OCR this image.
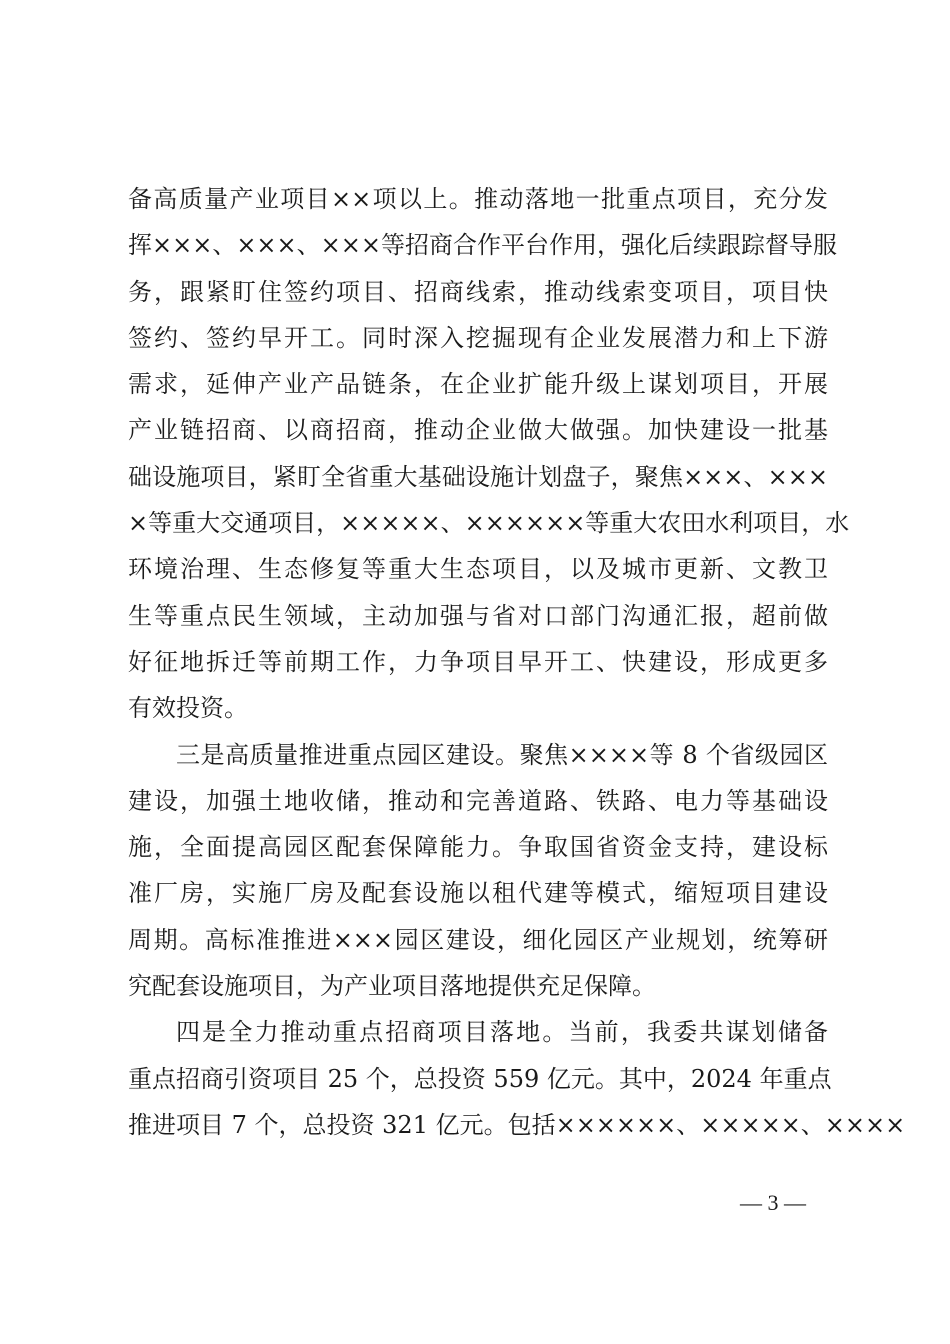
备高质量产业项目××项以上。推动落地一批重点项目，充分发
挥×××、×××、×××等招商合作平台作用，强化后续跟踪督导服
务，跟紧盯住签约项目、招商线索，推动线索变项目，项目快
签约、签约早开工。同时深入挖掘现有企业发展潜力和上下游
需求，延伸产业产品链条，在企业扩能升级上谋划项目，开展
产业链招商、以商招商，推动企业做大做强。加快建设一批基
础设施项目，紧盯全省重大基础设施计划盘子，聚焦×××、×××
×等重大交通项目，×××××、××××××等重大农田水利项目，水
环境治理、生态修复等重大生态项目，以及城市更新、文教卫
生等重点民生领域，主动加强与省对口部门沟通汇报，超前做
好征地拆迁等前期工作，力争项目早开工、快建设，形成更多
有效投资。
三是高质量推进重点园区建设。聚焦××××等 8 个省级园区
建设，加强土地收储，推动和完善道路、铁路、电力等基础设
施，全面提高园区配套保障能力。争取国省资金支持，建设标
准厂房，实施厂房及配套设施以租代建等模式，缩短项目建设
周期。高标准推进×××园区建设，细化园区产业规划，统筹研
究配套设施项目，为产业项目落地提供充足保障。
四是全力推动重点招商项目落地。当前，我委共谋划储备
重点招商引资项目 25 个，总投资 559 亿元。其中，2024 年重点
推进项目 7 个，总投资 321 亿元。包括××××××、×××××、××××
— 3 —
